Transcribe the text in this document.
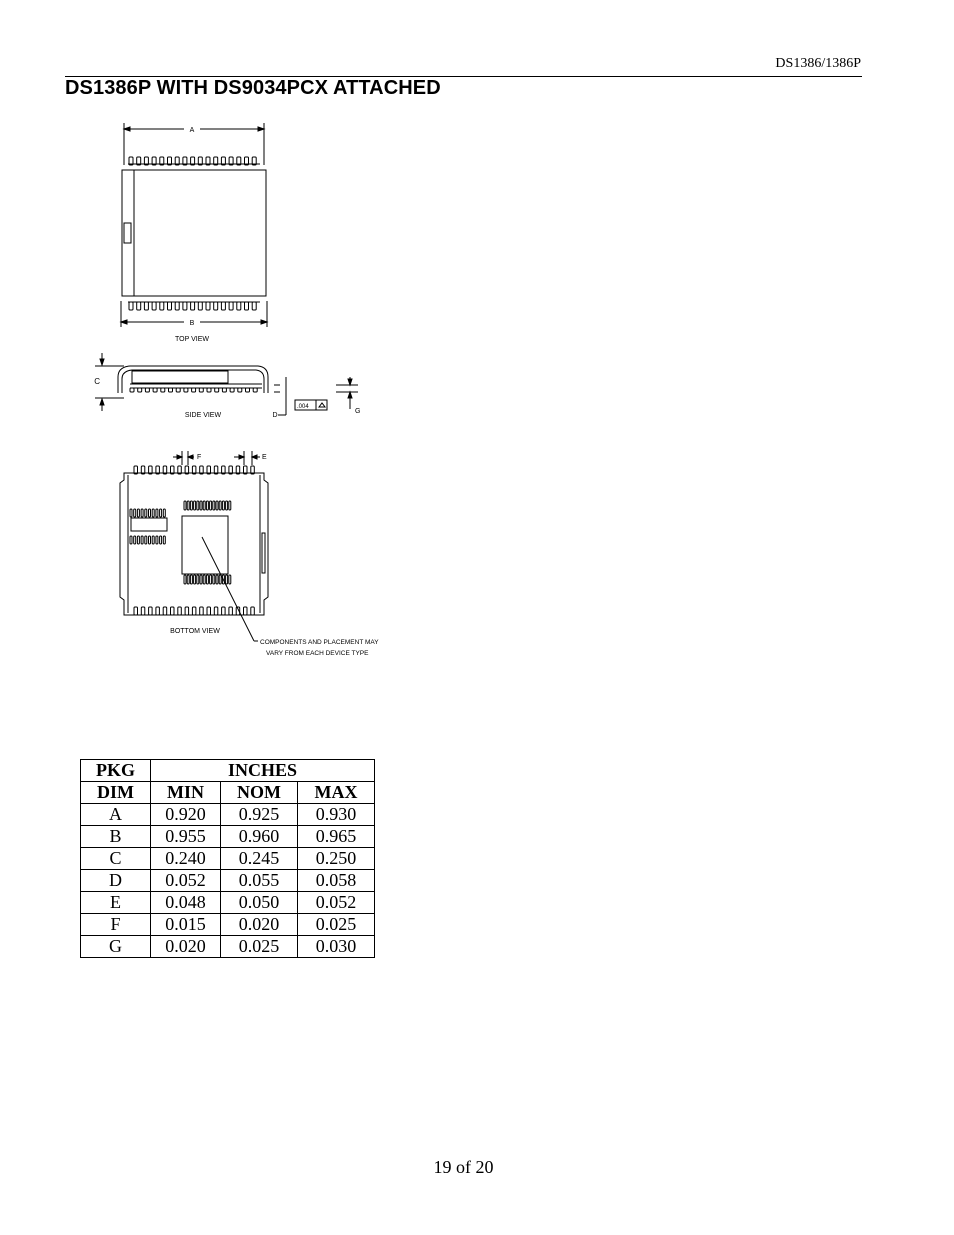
DS1386/1386P
DS1386P WITH DS9034PCX ATTACHED
A
B
TOP VIEW
C
SIDE VIEW	D
G
.004
F	E
BOTTOM VIEW
COMPONENTS AND PLACEMENT MAY
VARY FROM EACH DEVICE TYPE
PKG	INCHES		
DIM	MIN	NOM	MAX
A	0.920	0.925	0.930
B	0.955	0.960	0.965
C	0.240	0.245	0.250
D	0.052	0.055	0.058
E	0.048	0.050	0.052
F	0.015	0.020	0.025
G	0.020	0.025	0.030
19 of 20
